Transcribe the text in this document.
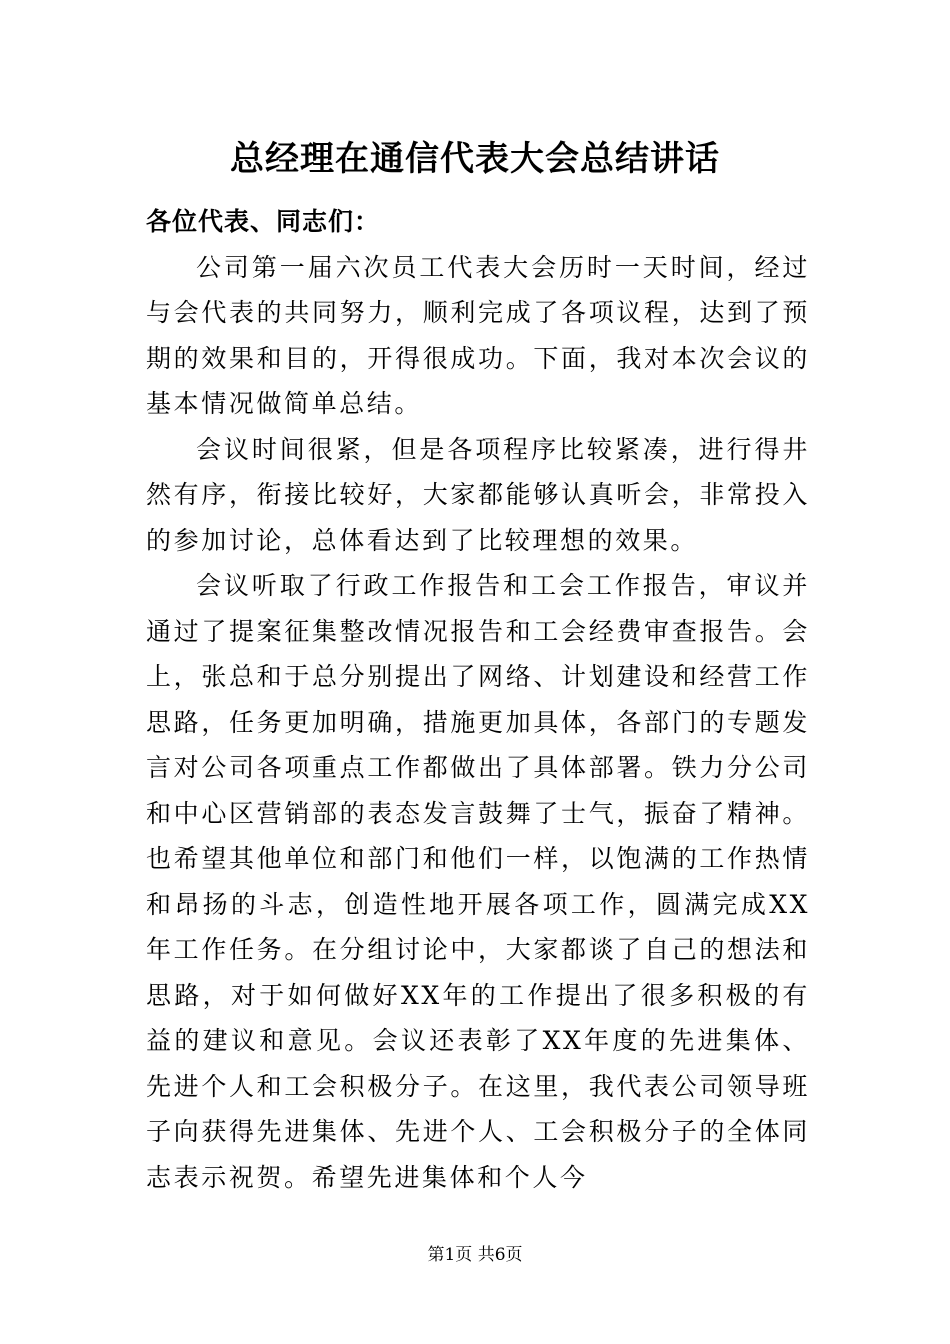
总经理在通信代表大会总结讲话

各位代表、同志们：

公司第一届六次员工代表大会历时一天时间，经过与会代表的共同努力，顺利完成了各项议程，达到了预期的效果和目的，开得很成功。下面，我对本次会议的基本情况做简单总结。

会议时间很紧，但是各项程序比较紧凑，进行得井然有序，衔接比较好，大家都能够认真听会，非常投入的参加讨论，总体看达到了比较理想的效果。

会议听取了行政工作报告和工会工作报告，审议并通过了提案征集整改情况报告和工会经费审查报告。会上，张总和于总分别提出了网络、计划建设和经营工作思路，任务更加明确，措施更加具体，各部门的专题发言对公司各项重点工作都做出了具体部署。铁力分公司和中心区营销部的表态发言鼓舞了士气，振奋了精神。也希望其他单位和部门和他们一样，以饱满的工作热情和昂扬的斗志，创造性地开展各项工作，圆满完成XX年工作任务。在分组讨论中，大家都谈了自己的想法和思路，对于如何做好XX年的工作提出了很多积极的有益的建议和意见。会议还表彰了XX年度的先进集体、先进个人和工会积极分子。在这里，我代表公司领导班子向获得先进集体、先进个人、工会积极分子的全体同志表示祝贺。希望先进集体和个人今

第1页 共6页
